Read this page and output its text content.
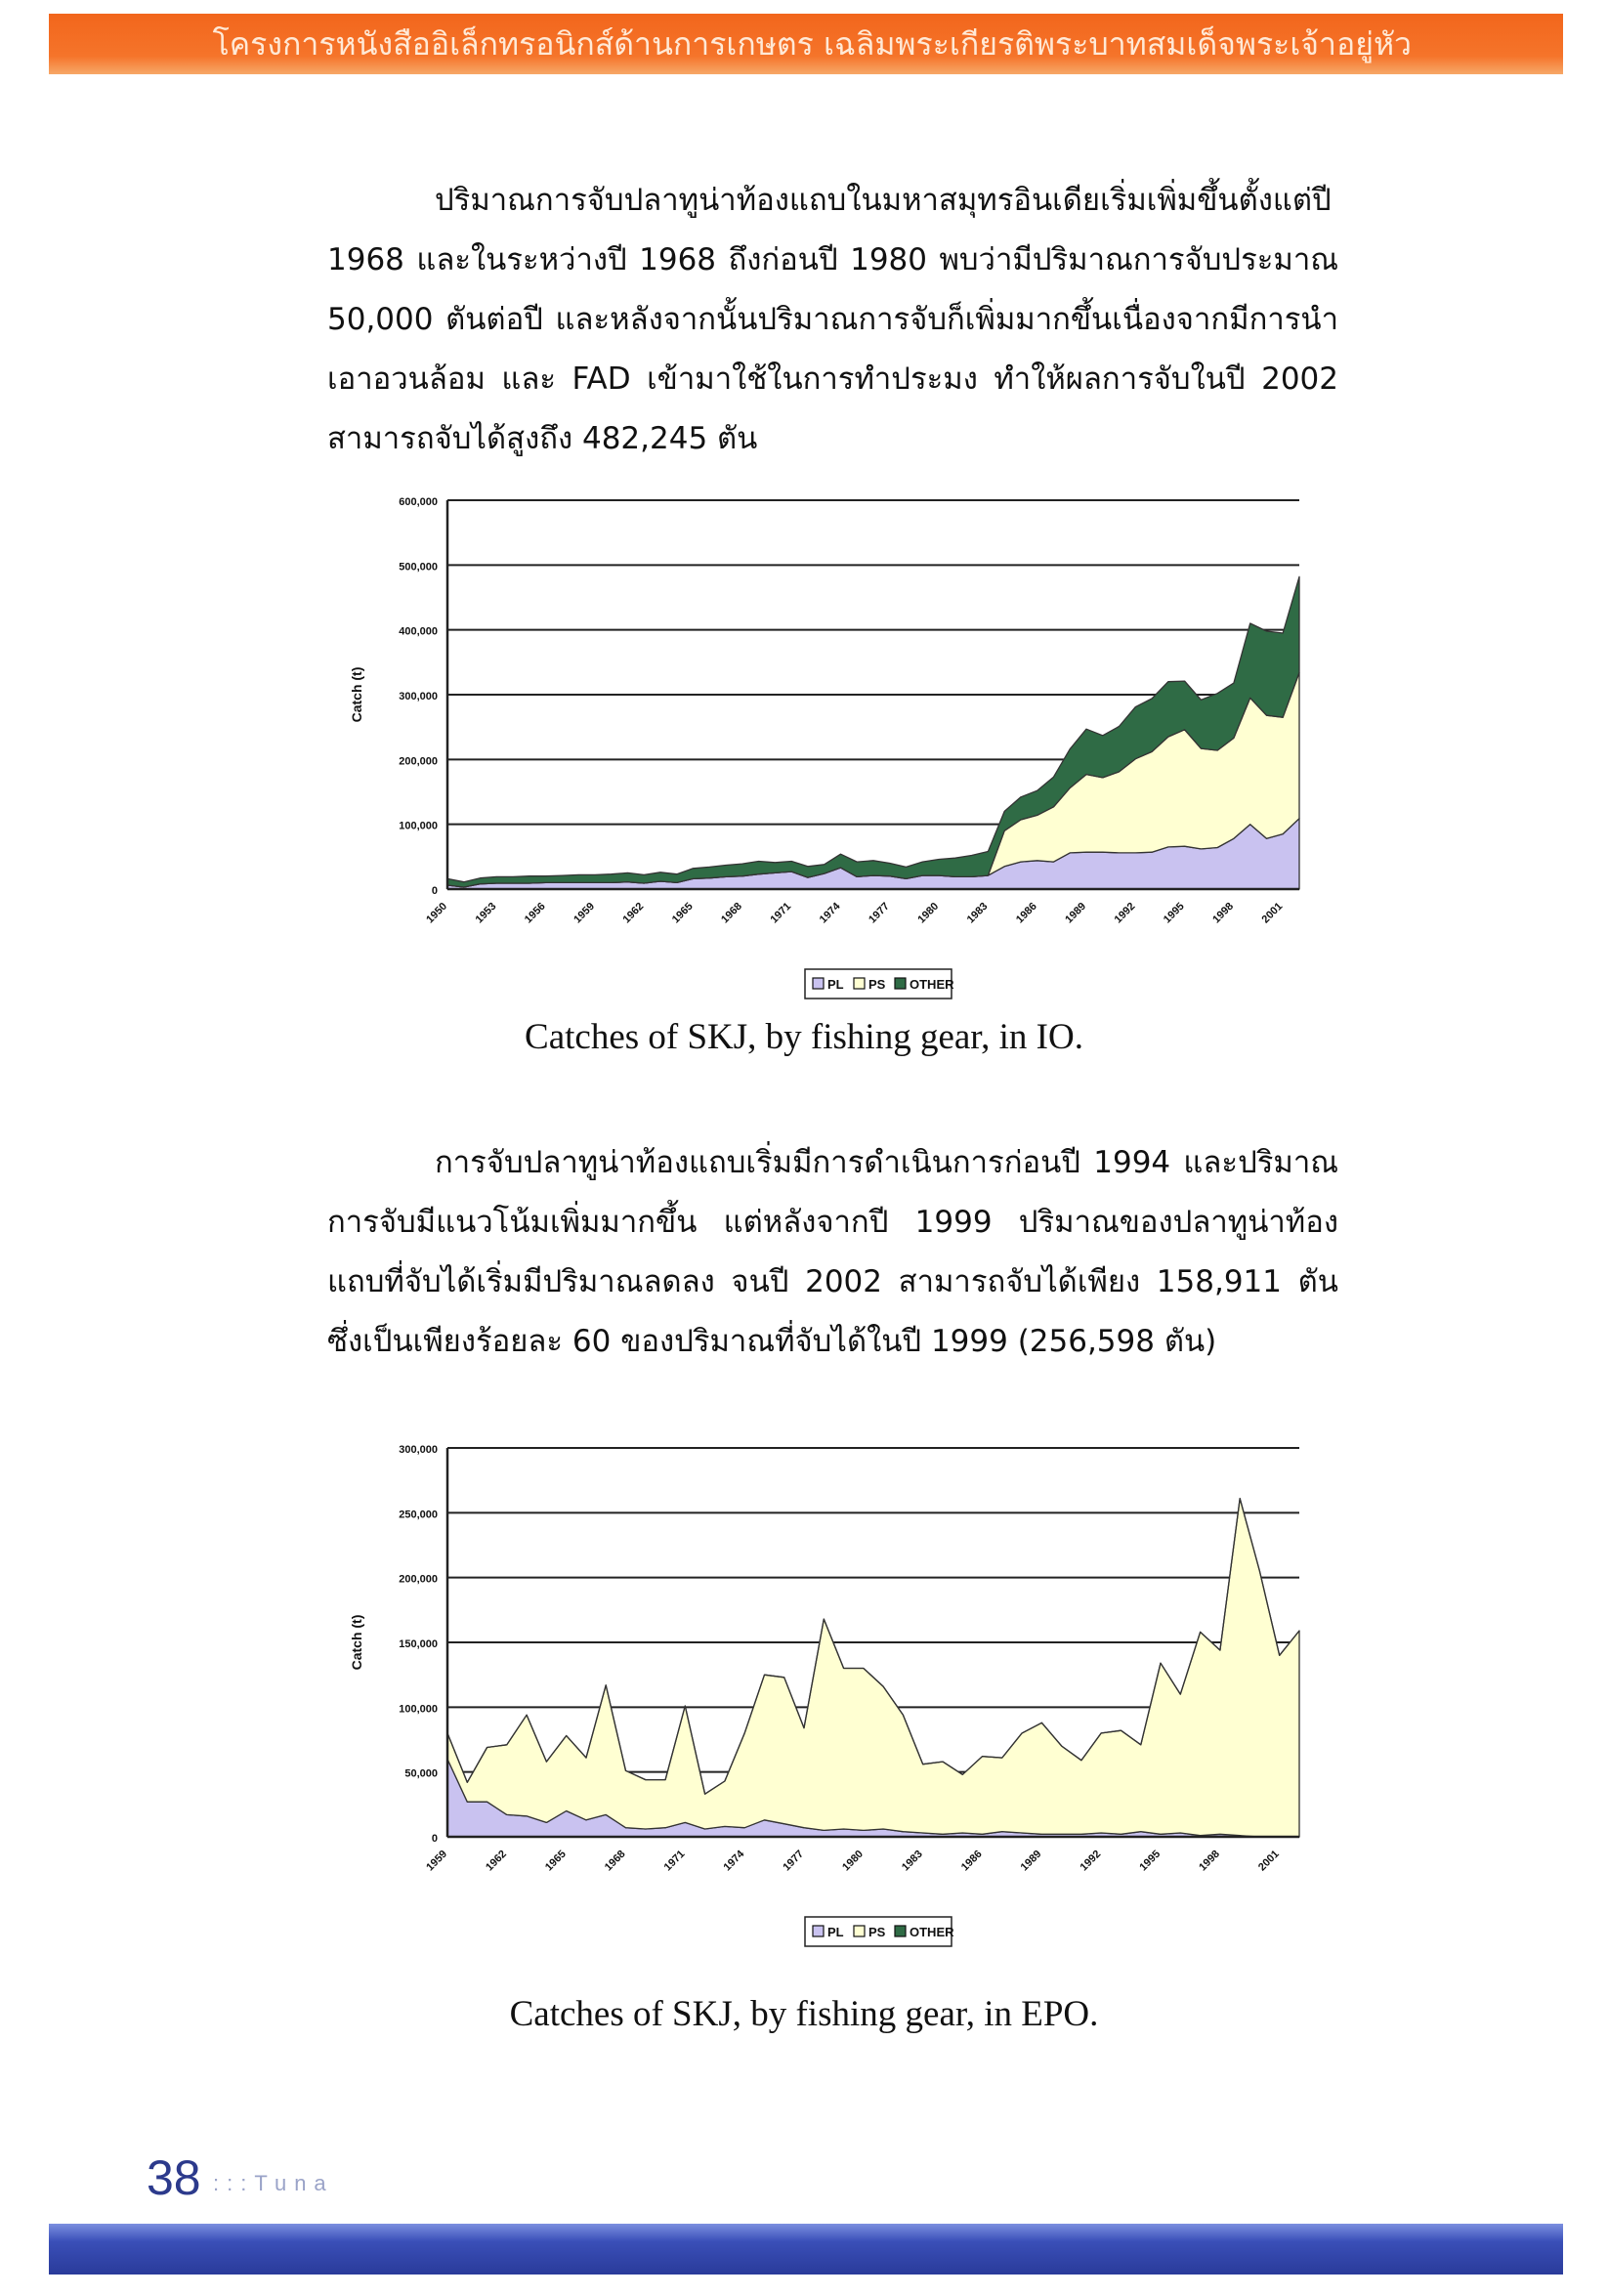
โครงการหนังสืออิเล็กทรอนิกส์ด้านการเกษตร เฉลิมพระเกียรติพระบาทสมเด็จพระเจ้าอยู่หัว

ปริมาณการจับปลาทูน่าท้องแถบในมหาสมุทรอินเดียเริ่มเพิ่มขึ้นตั้งแต่ปี 1968 และในระหว่างปี 1968 ถึงก่อนปี 1980 พบว่ามีปริมาณการจับประมาณ 50,000 ตันต่อปี และหลังจากนั้นปริมาณการจับก็เพิ่มมากขึ้นเนื่องจากมีการนำเอาอวนล้อม และ FAD เข้ามาใช้ในการทำประมง ทำให้ผลการจับในปี 2002 สามารถจับได้สูงถึง 482,245 ตัน

0
100,000
200,000
300,000
400,000
500,000
600,000
1950 1953 1956 1959 1962 1965 1968 1971 1974 1977 1980 1983 1986 1989 1992 1995 1998 2001
Catch (t)
PL PS OTHER
Catches of SKJ, by fishing gear, in IO.

การจับปลาทูน่าท้องแถบเริ่มมีการดำเนินการก่อนปี 1994 และปริมาณการจับมีแนวโน้มเพิ่มมากขึ้น แต่หลังจากปี 1999 ปริมาณของปลาทูน่าท้องแถบที่จับได้เริ่มมีปริมาณลดลง จนปี 2002 สามารถจับได้เพียง 158,911 ตัน ซึ่งเป็นเพียงร้อยละ 60 ของปริมาณที่จับได้ในปี 1999 (256,598 ตัน)

0
50,000
100,000
150,000
200,000
250,000
300,000
1959	1962	1965	1968	1971	1974	1977	1980	1983	1986	1989	1992	1995	1998	2001
Catch (t)
PL PS OTHER
Catches of SKJ, by fishing gear, in EPO.
38 :::Tuna
